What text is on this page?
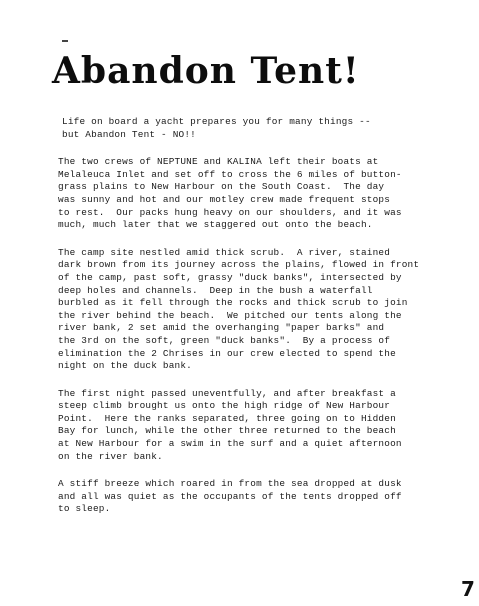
Abandon Tent!
Life on board a yacht prepares you for many things --
but Abandon Tent - NO!!
The two crews of NEPTUNE and KALINA left their boats at
Melaleuca Inlet and set off to cross the 6 miles of button-
grass plains to New Harbour on the South Coast.  The day
was sunny and hot and our motley crew made frequent stops
to rest.  Our packs hung heavy on our shoulders, and it was
much, much later that we staggered out onto the beach.
The camp site nestled amid thick scrub.  A river, stained
dark brown from its journey across the plains, flowed in front
of the camp, past soft, grassy "duck banks", intersected by
deep holes and channels.  Deep in the bush a waterfall
burbled as it fell through the rocks and thick scrub to join
the river behind the beach.  We pitched our tents along the
river bank, 2 set amid the overhanging "paper barks" and
the 3rd on the soft, green "duck banks".  By a process of
elimination the 2 Chrises in our crew elected to spend the
night on the duck bank.
The first night passed uneventfully, and after breakfast a
steep climb brought us onto the high ridge of New Harbour
Point.  Here the ranks separated, three going on to Hidden
Bay for lunch, while the other three returned to the beach
at New Harbour for a swim in the surf and a quiet afternoon
on the river bank.
A stiff breeze which roared in from the sea dropped at dusk
and all was quiet as the occupants of the tents dropped off
to sleep.
7
